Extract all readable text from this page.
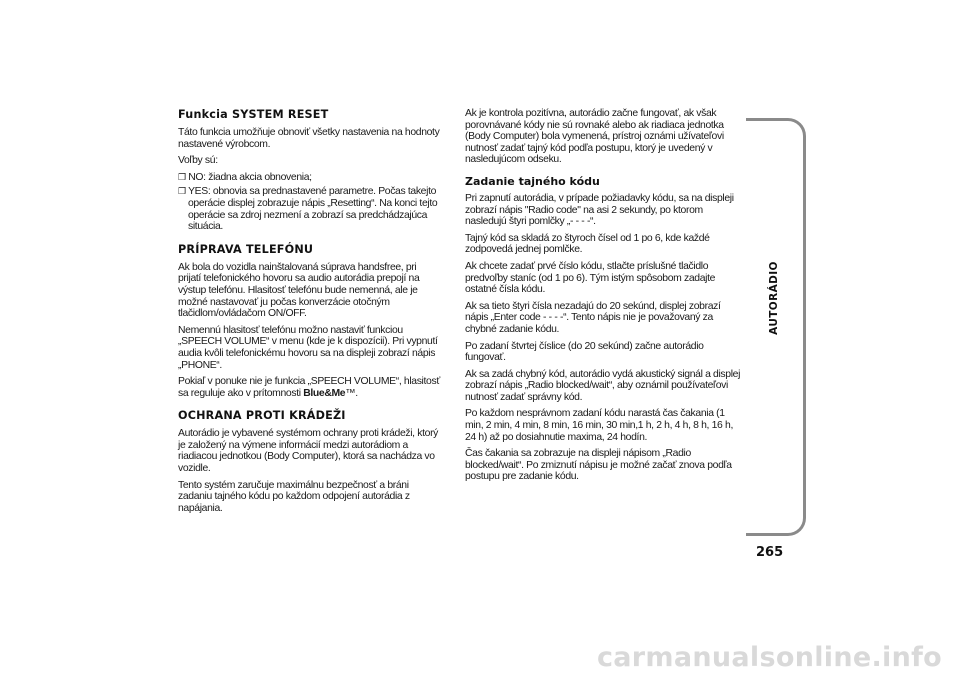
Funkcia SYSTEM RESET

Táto funkcia umožňuje obnoviť všetky nastavenia na hodnoty nastavené výrobcom.

Voľby sú:

❒ NO: žiadna akcia obnovenia;
❒ YES: obnovia sa prednastavené parametre. Počas takejto operácie displej zobrazuje nápis „Resetting“. Na konci tejto operácie sa zdroj nezmení a zobrazí sa predchádzajúca situácia.
PRÍPRAVA TELEFÓNU

Ak bola do vozidla nainštalovaná súprava handsfree, pri prijatí telefonického hovoru sa audio autorádia prepojí na výstup telefónu. Hlasitosť telefónu bude nemenná, ale je možné nastavovať ju počas konverzácie otočným tlačidlom/ovládačom ON/OFF.

Nemennú hlasitosť telefónu možno nastaviť funkciou „SPEECH VOLUME“ v menu (kde je k dispozícii). Pri vypnutí audia kvôli telefonickému hovoru sa na displeji zobrazí nápis „PHONE“.

Pokiaľ v ponuke nie je funkcia „SPEECH VOLUME“, hlasitosť sa reguluje ako v prítomnosti Blue&Me™.

OCHRANA PROTI KRÁDEŽI

Autorádio je vybavené systémom ochrany proti krádeži, ktorý je založený na výmene informácií medzi autorádiom a riadiacou jednotkou (Body Computer), ktorá sa nachádza vo vozidle.

Tento systém zaručuje maximálnu bezpečnosť a bráni zadaniu tajného kódu po každom odpojení autorádia z napájania.

Ak je kontrola pozitívna, autorádio začne fungovať, ak však porovnávané kódy nie sú rovnaké alebo ak riadiaca jednotka (Body Computer) bola vymenená, prístroj oznámi užívateľovi nutnosť zadať tajný kód podľa postupu, ktorý je uvedený v nasledujúcom odseku.

Zadanie tajného kódu

Pri zapnutí autorádia, v prípade požiadavky kódu, sa na displeji zobrazí nápis "Radio code" na asi 2 sekundy, po ktorom nasledujú štyri pomlčky „- - - -“.

Tajný kód sa skladá zo štyroch čísel od 1 po 6, kde každé zodpovedá jednej pomlčke.

Ak chcete zadať prvé číslo kódu, stlačte príslušné tlačidlo predvoľby staníc (od 1 po 6). Tým istým spôsobom zadajte ostatné čísla kódu.

Ak sa tieto štyri čísla nezadajú do 20 sekúnd, displej zobrazí nápis „Enter code - - - -“. Tento nápis nie je považovaný za chybné zadanie kódu.

Po zadaní štvrtej číslice (do 20 sekúnd) začne autorádio fungovať.

Ak sa zadá chybný kód, autorádio vydá akustický signál a displej zobrazí nápis „Radio blocked/wait“, aby oznámil používateľovi nutnosť zadať správny kód.

Po každom nesprávnom zadaní kódu narastá čas čakania (1 min, 2 min, 4 min, 8 min, 16 min, 30 min,1 h, 2 h, 4 h, 8 h, 16 h, 24 h) až po dosiahnutie maxima, 24 hodín.

Čas čakania sa zobrazuje na displeji nápisom „Radio blocked/wait“. Po zmiznutí nápisu je možné začať znova podľa postupu pre zadanie kódu.

AUTORÁDIO
265
carmanualsonline.info
